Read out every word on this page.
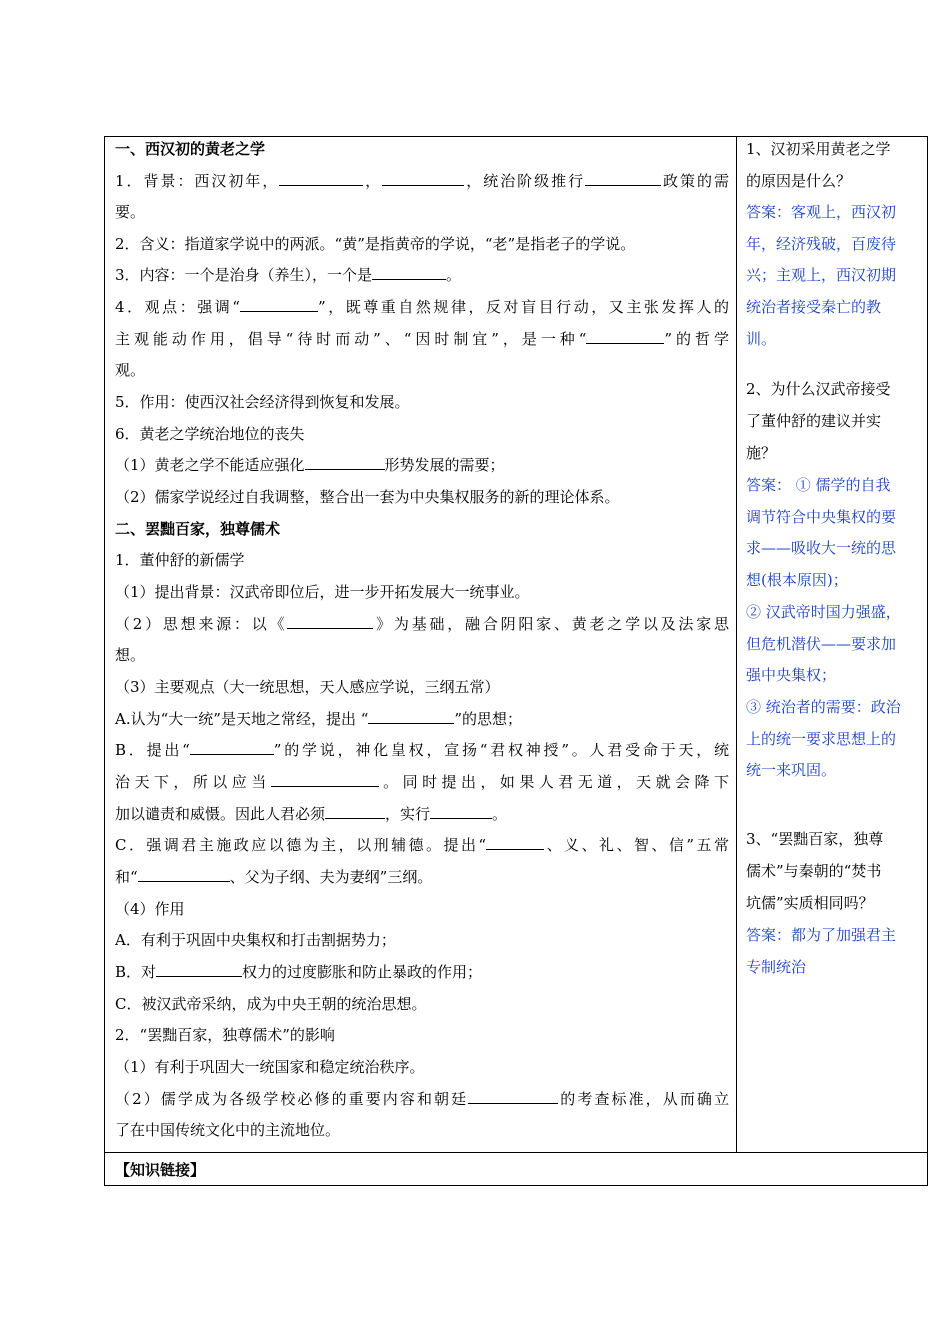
一、西汉初的黄老之学
1．背景：西汉初年，	，	，统治阶级推行	政策的需
要。
2．含义：指道家学说中的两派。“黄”是指黄帝的学说，“老”是指老子的学说。
3．内容：一个是治身（养生），一个是	。
4．观点：强调“	”，既尊重自然规律，反对盲目行动，又主张发挥人的
主观能动作用，倡导“待时而动”、“因时制宜”，是一种“	”的哲学
观。
5．作用：使西汉社会经济得到恢复和发展。
6．黄老之学统治地位的丧失
（1）黄老之学不能适应强化	形势发展的需要；
（2）儒家学说经过自我调整，整合出一套为中央集权服务的新的理论体系。
二、罢黜百家，独尊儒术
1．董仲舒的新儒学
（1）提出背景：汉武帝即位后，进一步开拓发展大一统事业。
（2）思想来源：以《	》为基础，融合阴阳家、黄老之学以及法家思
想。
（3）主要观点（大一统思想，天人感应学说，三纲五常）
A.认为“大一统”是天地之常经，提出 “	”的思想；
B．提出“	”的学说，神化皇权，宣扬“君权神授”。人君受命于天，统
治天下，所以应当	。同时提出，如果人君无道，天就会降下
加以谴责和威慑。因此人君必须	，实行	。
C．强调君主施政应以德为主，以刑辅德。提出“	、义、礼、智、信”五常
和“	、父为子纲、夫为妻纲”三纲。
（4）作用
A．有利于巩固中央集权和打击割据势力；
B．对	权力的过度膨胀和防止暴政的作用；
C．被汉武帝采纳，成为中央王朝的统治思想。
2．“罢黜百家，独尊儒术”的影响
（1）有利于巩固大一统国家和稳定统治秩序。
（2）儒学成为各级学校必修的重要内容和朝廷	的考查标准，从而确立
了在中国传统文化中的主流地位。
1、汉初采用黄老之学
的原因是什么？
答案：客观上，西汉初
年，经济残破，百废待
兴；主观上，西汉初期
统治者接受秦亡的教
训。
2、为什么汉武帝接受
了董仲舒的建议并实
施？
答案： ① 儒学的自我
调节符合中央集权的要
求——吸收大一统的思
想(根本原因)；
② 汉武帝时国力强盛，
但危机潜伏——要求加
强中央集权；
③ 统治者的需要：政治
上的统一要求思想上的
统一来巩固。
3、“罢黜百家，独尊
儒术”与秦朝的“焚书
坑儒”实质相同吗？
答案：都为了加强君主
专制统治
【知识链接】
